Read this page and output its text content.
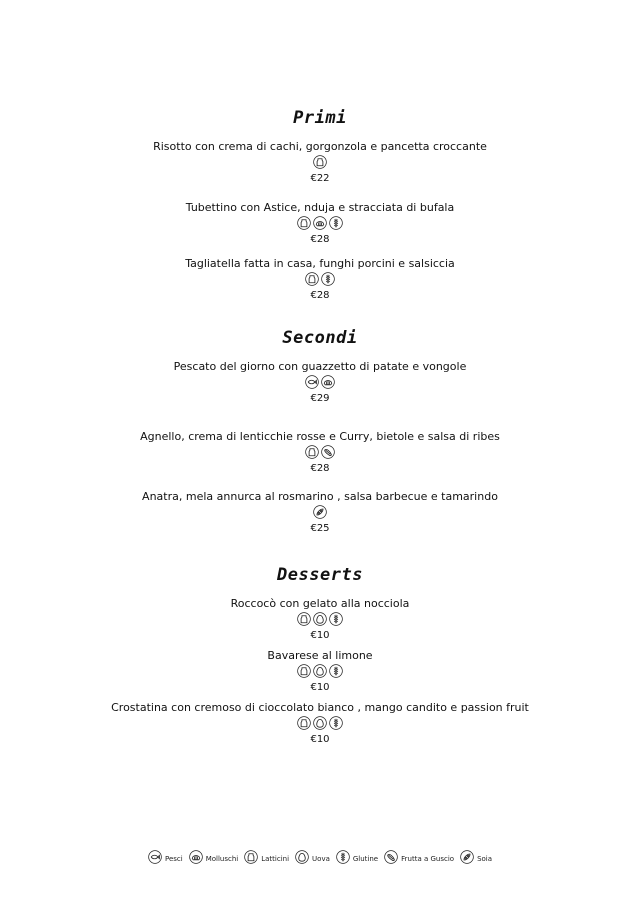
Primi
Risotto con crema di cachi, gorgonzola e pancetta croccante
€22
Tubettino con Astice, nduja e stracciata di bufala
€28
Tagliatella fatta in casa, funghi porcini e salsiccia
€28
Secondi
Pescato del giorno con guazzetto di patate e vongole
€29
Agnello, crema di lenticchie rosse e Curry, bietole e salsa di ribes
€28
Anatra, mela annurca al rosmarino , salsa barbecue e tamarindo
€25
Desserts
Roccocò con gelato alla nocciola
€10
Bavarese al limone
€10
Crostatina con cremoso di cioccolato bianco , mango candito e passion fruit
€10
Pesci	Molluschi	Latticini	Uova	Glutine	Frutta a Guscio	Soia
